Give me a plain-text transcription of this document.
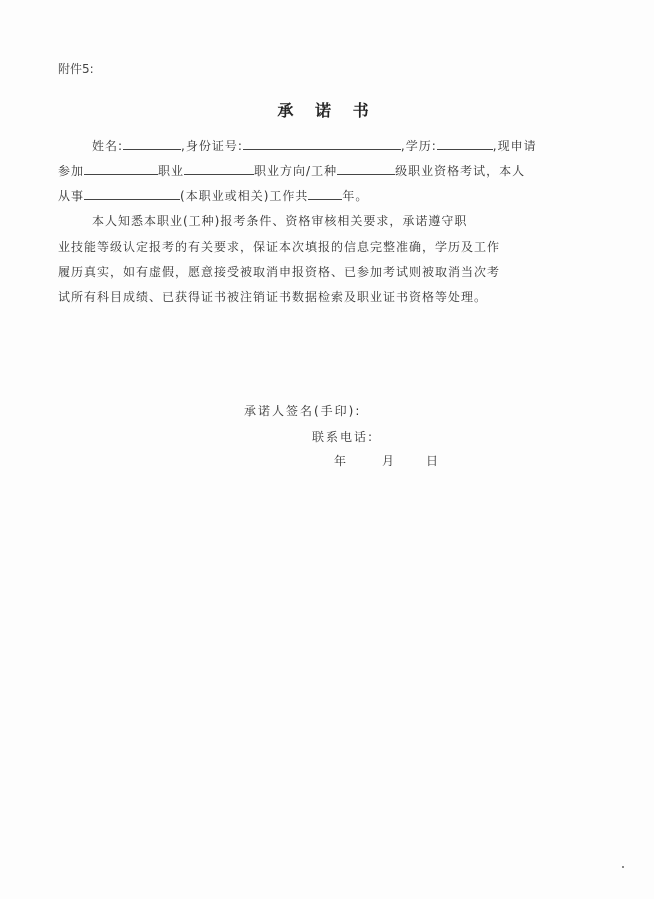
附件5:
承 诺 书
姓名:	,身份证号:	,学历:	,现申请
参加	职业	职业方向/工种	级职业资格考试，本人
从事	(本职业或相关)工作共	年。
本人知悉本职业(工种)报考条件、资格审核相关要求，承诺遵守职
业技能等级认定报考的有关要求，保证本次填报的信息完整准确，学历及工作
履历真实，如有虚假，愿意接受被取消申报资格、已参加考试则被取消当次考
试所有科目成绩、已获得证书被注销证书数据检索及职业证书资格等处理。
承诺人签名(手印):
联系电话:
年	月	日
